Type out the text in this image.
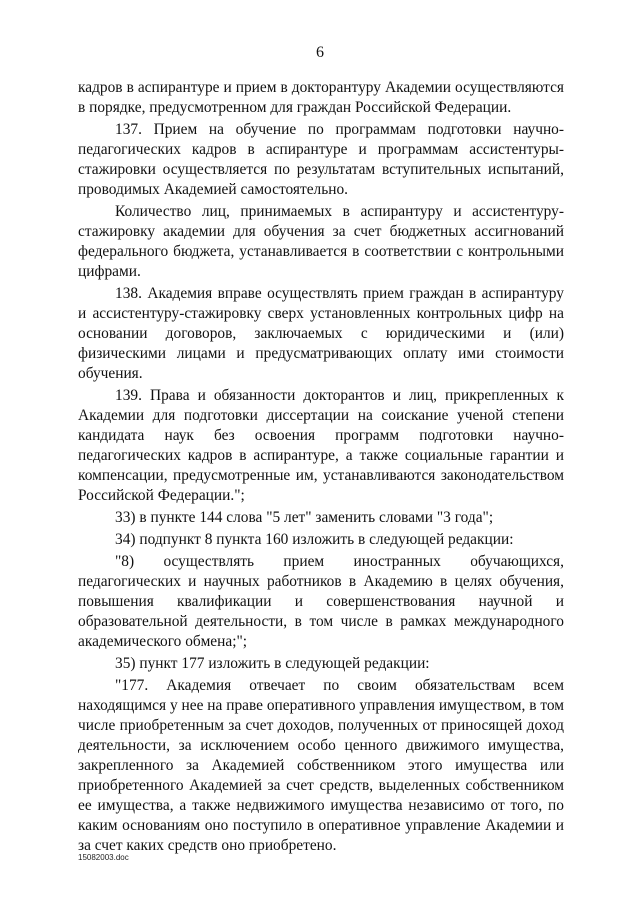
6

кадров в аспирантуре и прием в докторантуру Академии осуществляются в порядке, предусмотренном для граждан Российской Федерации.

137. Прием на обучение по программам подготовки научно-педагогических кадров в аспирантуре и программам ассистентуры-стажировки осуществляется по результатам вступительных испытаний, проводимых Академией самостоятельно.

Количество лиц, принимаемых в аспирантуру и ассистентуру-стажировку академии для обучения за счет бюджетных ассигнований федерального бюджета, устанавливается в соответствии с контрольными цифрами.

138. Академия вправе осуществлять прием граждан в аспирантуру и ассистентуру-стажировку сверх установленных контрольных цифр на основании договоров, заключаемых с юридическими и (или) физическими лицами и предусматривающих оплату ими стоимости обучения.

139. Права и обязанности докторантов и лиц, прикрепленных к Академии для подготовки диссертации на соискание ученой степени кандидата наук без освоения программ подготовки научно-педагогических кадров в аспирантуре, а также социальные гарантии и компенсации, предусмотренные им, устанавливаются законодательством Российской Федерации.";

33) в пункте 144 слова "5 лет" заменить словами "3 года";

34) подпункт 8 пункта 160 изложить в следующей редакции:

"8) осуществлять прием иностранных обучающихся, педагогических и научных работников в Академию в целях обучения, повышения квалификации и совершенствования научной и образовательной деятельности, в том числе в рамках международного академического обмена;";

35) пункт 177 изложить в следующей редакции:

"177. Академия отвечает по своим обязательствам всем находящимся у нее на праве оперативного управления имуществом, в том числе приобретенным за счет доходов, полученных от приносящей доход деятельности, за исключением особо ценного движимого имущества, закрепленного за Академией собственником этого имущества или приобретенного Академией за счет средств, выделенных собственником ее имущества, а также недвижимого имущества независимо от того, по каким основаниям оно поступило в оперативное управление Академии и за счет каких средств оно приобретено.

15082003.doc
